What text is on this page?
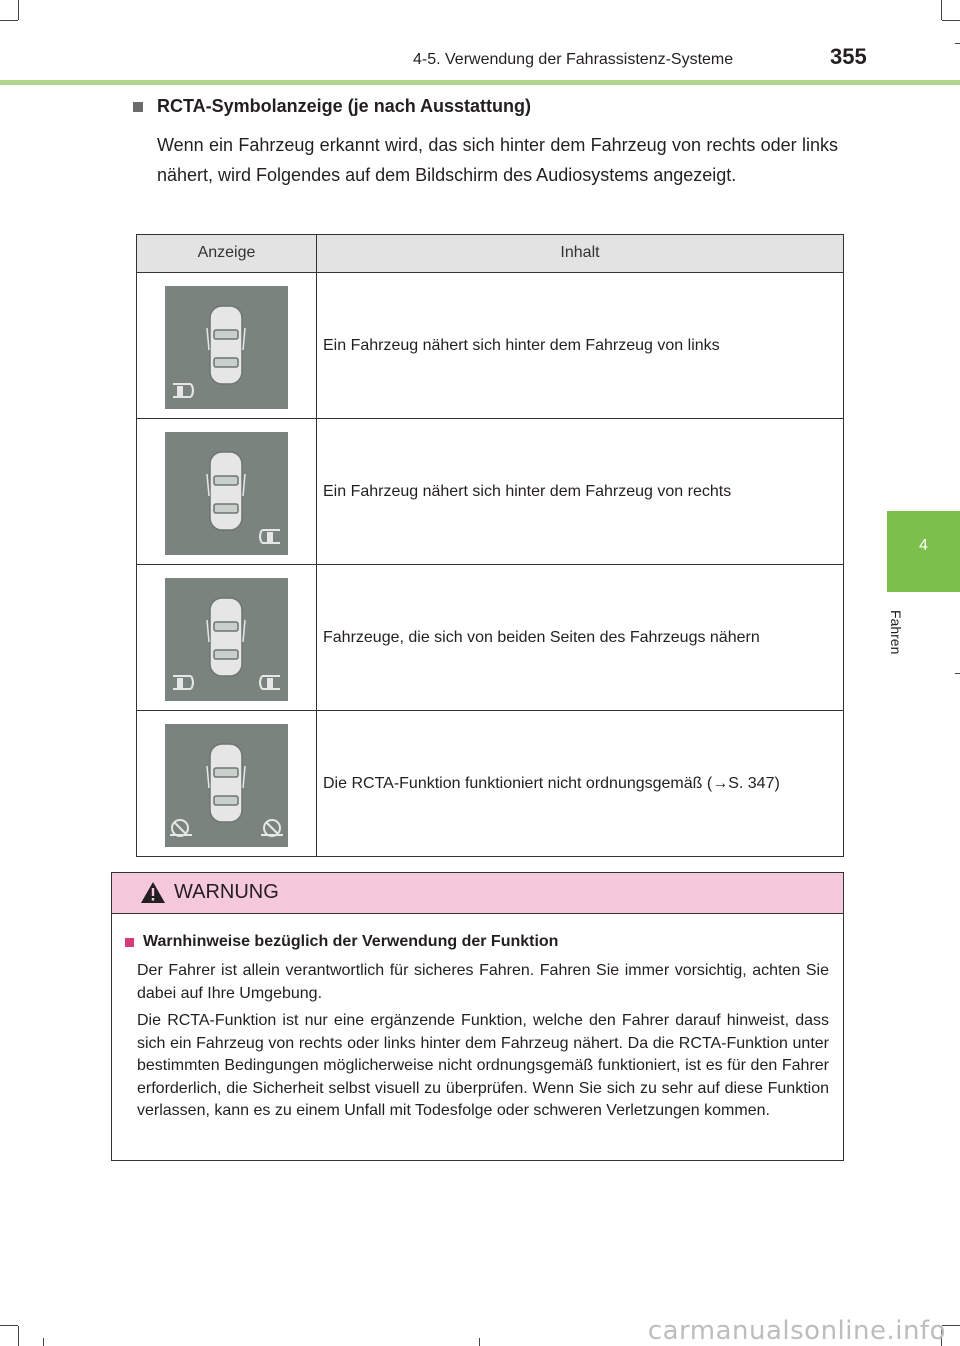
4-5. Verwendung der Fahrassistenz-Systeme	355
4
Fahren
RCTA-Symbolanzeige (je nach Ausstattung)
Wenn ein Fahrzeug erkannt wird, das sich hinter dem Fahrzeug von rechts oder links nähert, wird Folgendes auf dem Bildschirm des Audiosystems angezeigt.
Anzeige	Inhalt
Ein Fahrzeug nähert sich hinter dem Fahrzeug von links
Ein Fahrzeug nähert sich hinter dem Fahrzeug von rechts
Fahrzeuge, die sich von beiden Seiten des Fahrzeugs nähern
Die RCTA-Funktion funktioniert nicht ordnungsgemäß (→S. 347)
WARNUNG
Warnhinweise bezüglich der Verwendung der Funktion
Der Fahrer ist allein verantwortlich für sicheres Fahren. Fahren Sie immer vorsichtig, achten Sie dabei auf Ihre Umgebung.
Die RCTA-Funktion ist nur eine ergänzende Funktion, welche den Fahrer darauf hinweist, dass sich ein Fahrzeug von rechts oder links hinter dem Fahrzeug nähert. Da die RCTA-Funktion unter bestimmten Bedingungen möglicherweise nicht ordnungsgemäß funktioniert, ist es für den Fahrer erforderlich, die Sicherheit selbst visuell zu überprüfen. Wenn Sie sich zu sehr auf diese Funktion verlassen, kann es zu einem Unfall mit Todesfolge oder schweren Verletzungen kommen.
carmanualsonline.info
